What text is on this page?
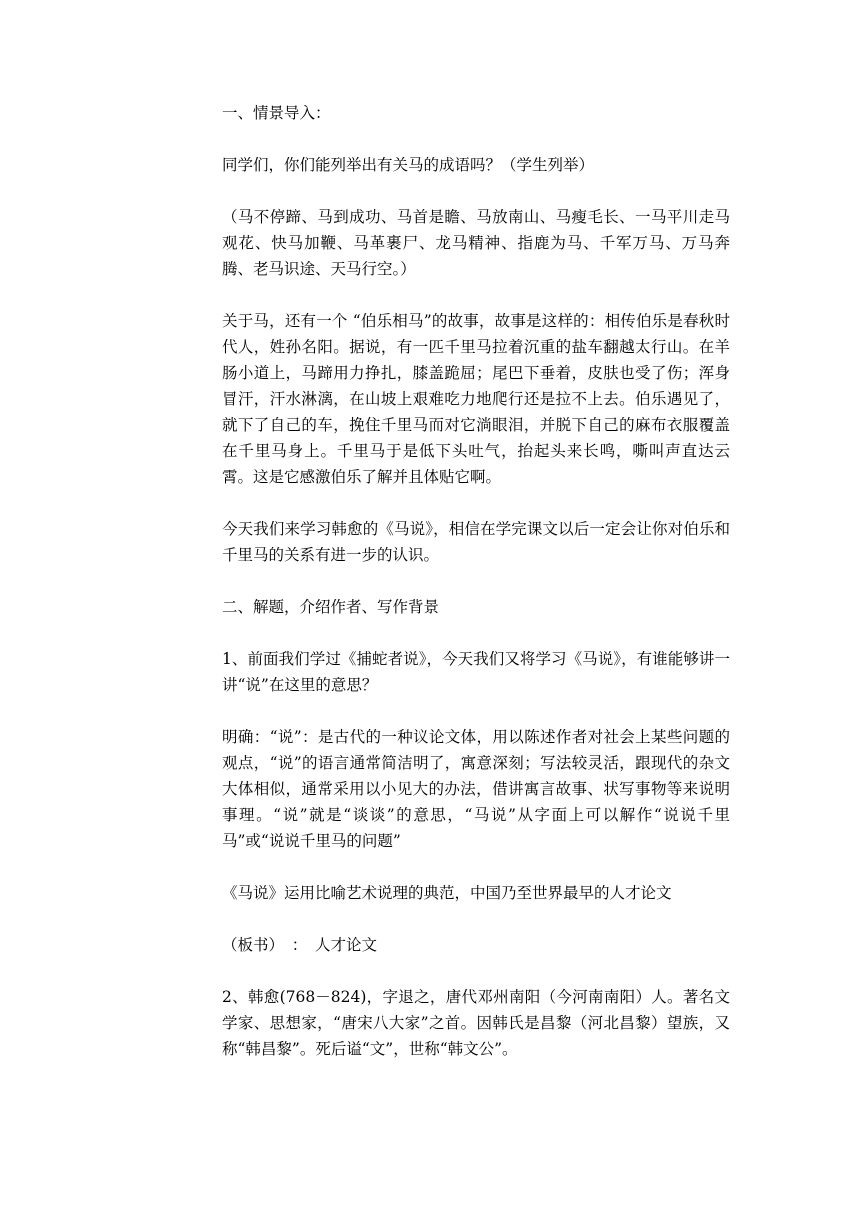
一、情景导入：
同学们，你们能列举出有关马的成语吗？（学生列举）
（马不停蹄、马到成功、马首是瞻、马放南山、马瘦毛长、一马平川走马观花、快马加鞭、马革裹尸、龙马精神、指鹿为马、千军万马、万马奔腾、老马识途、天马行空。）
关于马，还有一个 “伯乐相马”的故事，故事是这样的：相传伯乐是春秋时代人，姓孙名阳。据说，有一匹千里马拉着沉重的盐车翻越太行山。在羊肠小道上，马蹄用力挣扎，膝盖跪屈；尾巴下垂着，皮肤也受了伤；浑身冒汗，汗水淋漓，在山坡上艰难吃力地爬行还是拉不上去。伯乐遇见了，就下了自己的车，挽住千里马而对它淌眼泪，并脱下自己的麻布衣服覆盖在千里马身上。千里马于是低下头吐气，抬起头来长鸣，嘶叫声直达云霄。这是它感激伯乐了解并且体贴它啊。
今天我们来学习韩愈的《马说》，相信在学完课文以后一定会让你对伯乐和千里马的关系有进一步的认识。
二、解题，介绍作者、写作背景
1、前面我们学过《捕蛇者说》，今天我们又将学习《马说》，有谁能够讲一讲“说”在这里的意思？
明确：“说”：是古代的一种议论文体，用以陈述作者对社会上某些问题的观点，“说”的语言通常简洁明了，寓意深刻；写法较灵活，跟现代的杂文大体相似，通常采用以小见大的办法，借讲寓言故事、状写事物等来说明事理。“说”就是“谈谈”的意思，“马说”从字面上可以解作“说说千里马”或“说说千里马的问题”
《马说》运用比喻艺术说理的典范，中国乃至世界最早的人才论文
（板书）　：　人才论文
2、韩愈(768－824)，字退之，唐代邓州南阳（今河南南阳）人。著名文学家、思想家，“唐宋八大家”之首。因韩氏是昌黎（河北昌黎）望族，又称“韩昌黎”。死后谥“文”，世称“韩文公”。
